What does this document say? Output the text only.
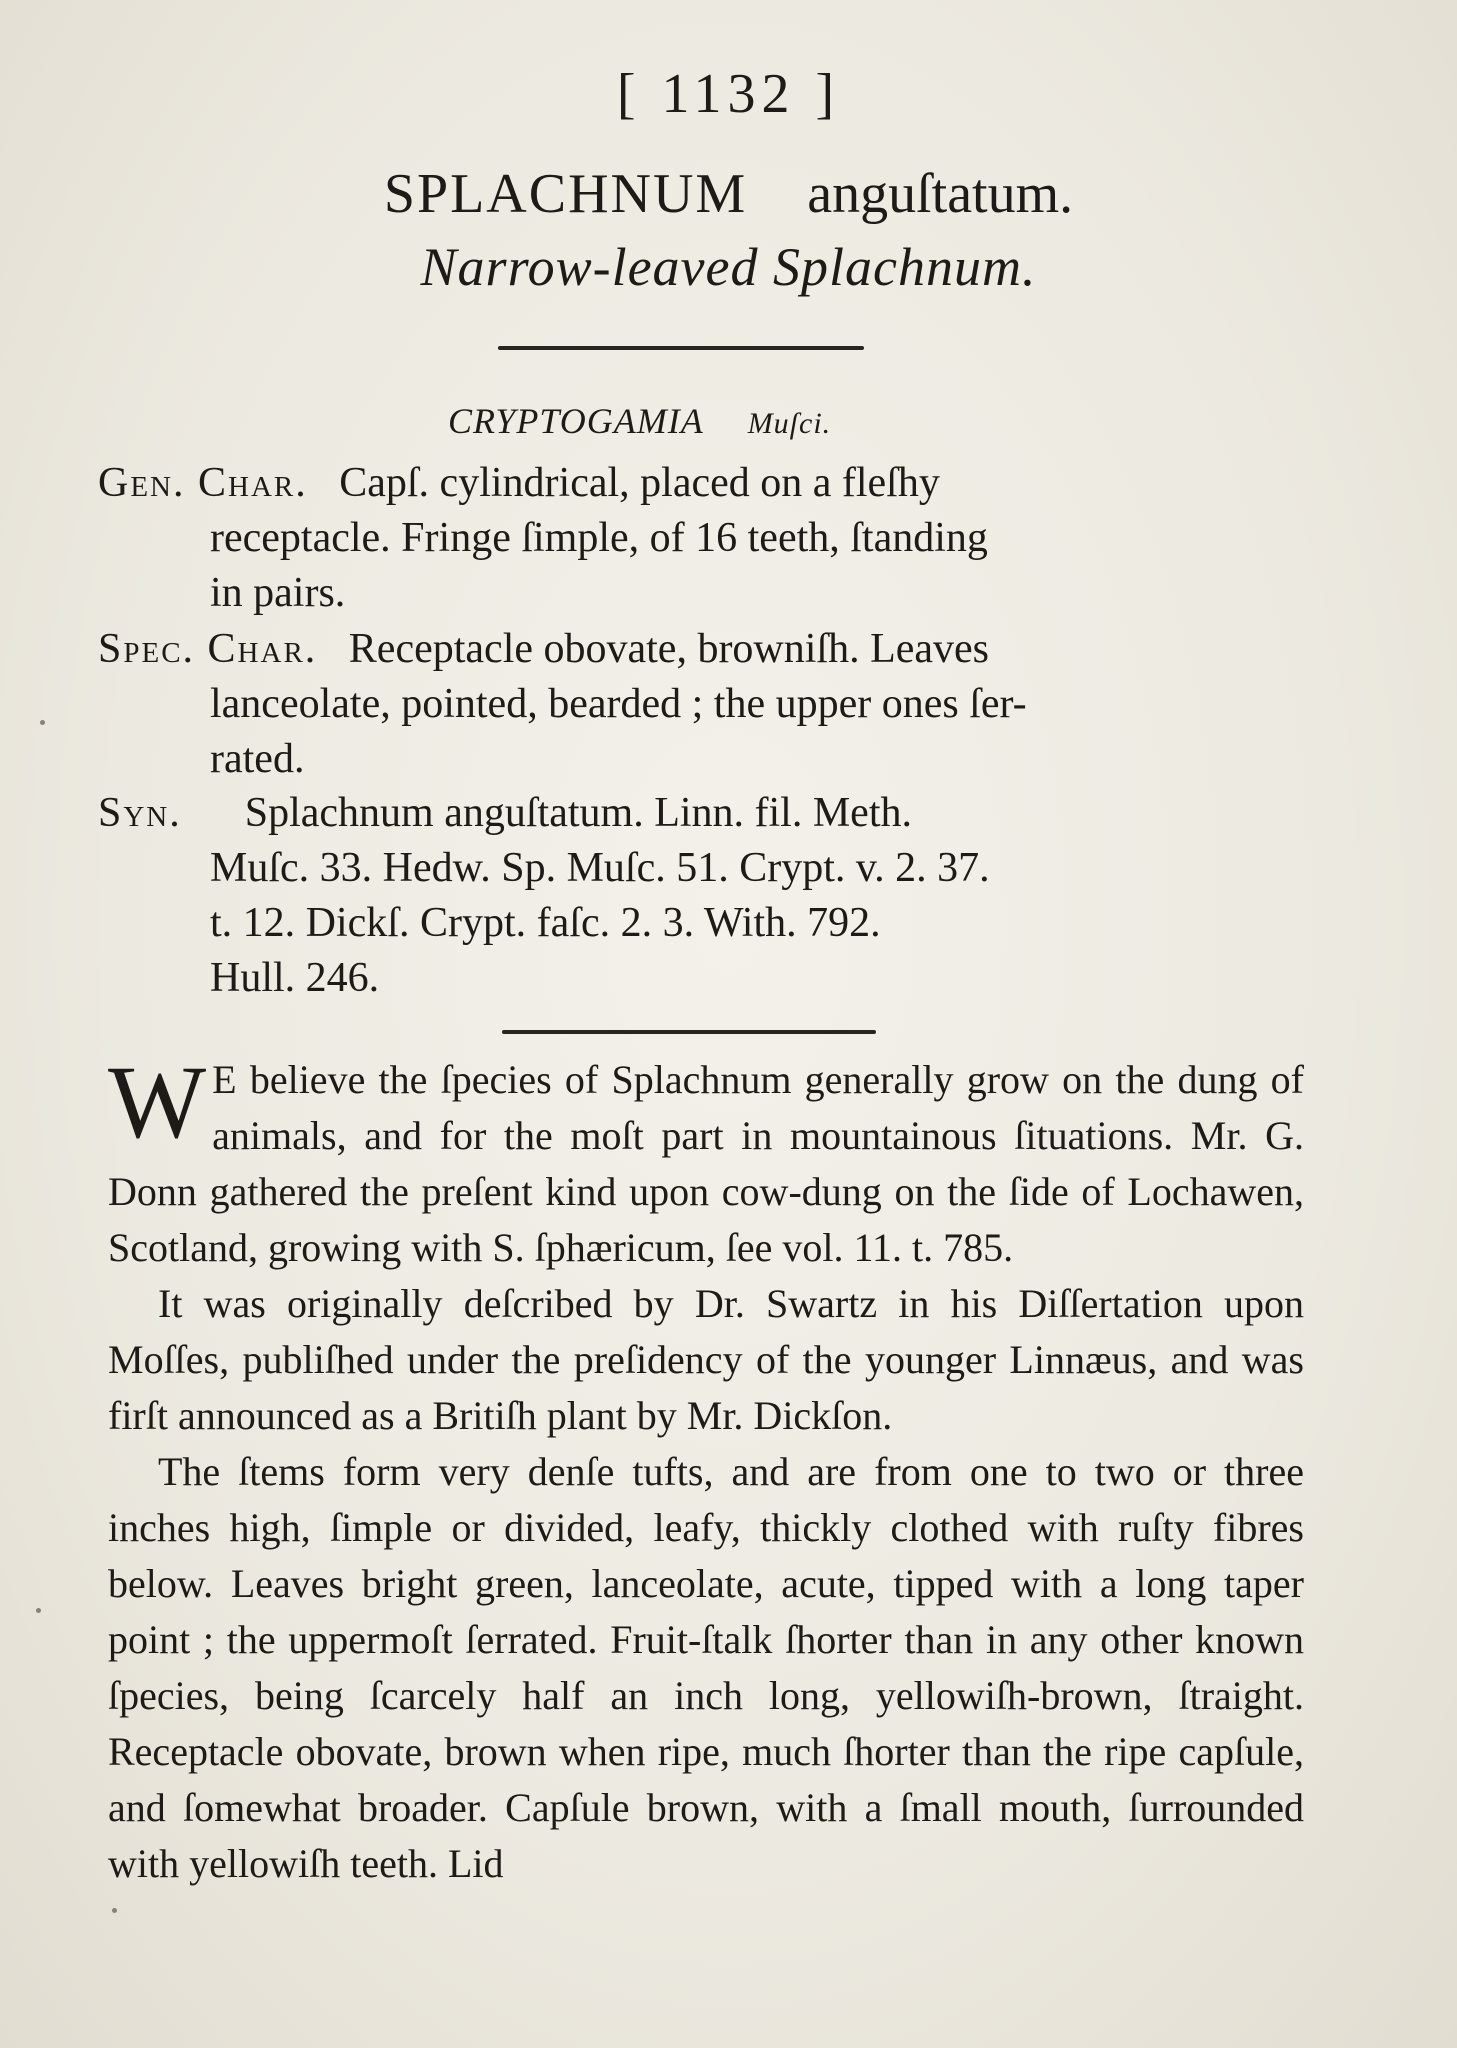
[ 1132 ]
SPLACHNUM anguſtatum.
Narrow-leaved Splachnum.
CRYPTOGAMIA Muſci.
Gen. Char. Capſ. cylindrical, placed on a fleſhy
receptacle. Fringe ſimple, of 16 teeth, ſtanding
in pairs.
Spec. Char. Receptacle obovate, browniſh. Leaves
lanceolate, pointed, bearded ; the upper ones ſer-
rated.
Syn. Splachnum anguſtatum. Linn. fil. Meth.
Muſc. 33. Hedw. Sp. Muſc. 51. Crypt. v. 2. 37.
t. 12. Dickſ. Crypt. faſc. 2. 3. With. 792.
Hull. 246.

W E believe the ſpecies of Splachnum generally grow on the dung of animals, and for the moſt part in mountainous ſituations. Mr. G. Donn gathered the preſent kind upon cow-dung on the ſide of Lochawen, Scotland, growing with S. ſphæricum, ſee vol. 11. t. 785.

It was originally deſcribed by Dr. Swartz in his Diſſertation upon Moſſes, publiſhed under the preſidency of the younger Linnæus, and was firſt announced as a Britiſh plant by Mr. Dickſon.

The ſtems form very denſe tufts, and are from one to two or three inches high, ſimple or divided, leafy, thickly clothed with ruſty fibres below. Leaves bright green, lanceolate, acute, tipped with a long taper point ; the uppermoſt ſerrated. Fruit-ſtalk ſhorter than in any other known ſpecies, being ſcarcely half an inch long, yellowiſh-brown, ſtraight. Receptacle obovate, brown when ripe, much ſhorter than the ripe capſule, and ſomewhat broader. Capſule brown, with a ſmall mouth, ſurrounded with yellowiſh teeth. Lid
